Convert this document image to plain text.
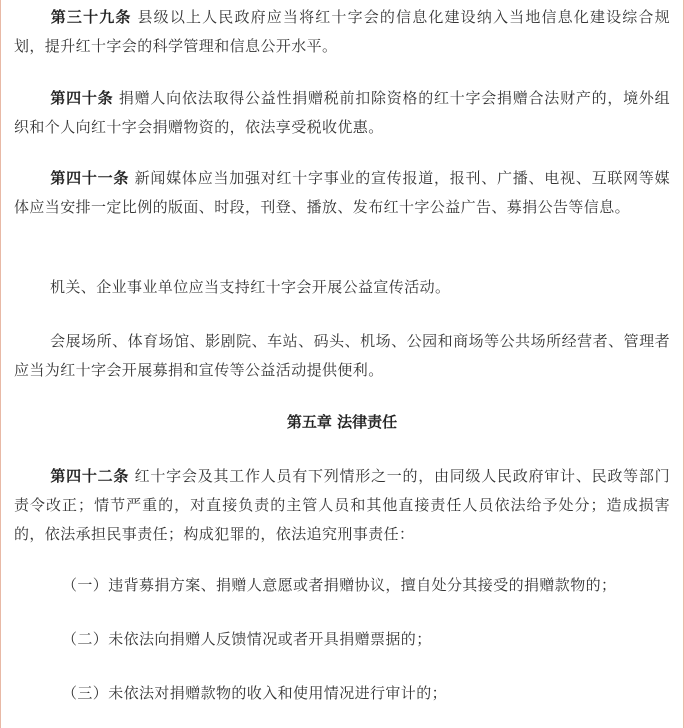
第三十九条 县级以上人民政府应当将红十字会的信息化建设纳入当地信息化建设综合规划，提升红十字会的科学管理和信息公开水平。

第四十条 捐赠人向依法取得公益性捐赠税前扣除资格的红十字会捐赠合法财产的，境外组织和个人向红十字会捐赠物资的，依法享受税收优惠。

第四十一条 新闻媒体应当加强对红十字事业的宣传报道，报刊、广播、电视、互联网等媒体应当安排一定比例的版面、时段，刊登、播放、发布红十字公益广告、募捐公告等信息。

机关、企业事业单位应当支持红十字会开展公益宣传活动。

会展场所、体育场馆、影剧院、车站、码头、机场、公园和商场等公共场所经营者、管理者应当为红十字会开展募捐和宣传等公益活动提供便利。

第五章 法律责任

第四十二条 红十字会及其工作人员有下列情形之一的，由同级人民政府审计、民政等部门责令改正；情节严重的，对直接负责的主管人员和其他直接责任人员依法给予处分；造成损害的，依法承担民事责任；构成犯罪的，依法追究刑事责任：

（一）违背募捐方案、捐赠人意愿或者捐赠协议，擅自处分其接受的捐赠款物的；

（二）未依法向捐赠人反馈情况或者开具捐赠票据的；

（三）未依法对捐赠款物的收入和使用情况进行审计的；
